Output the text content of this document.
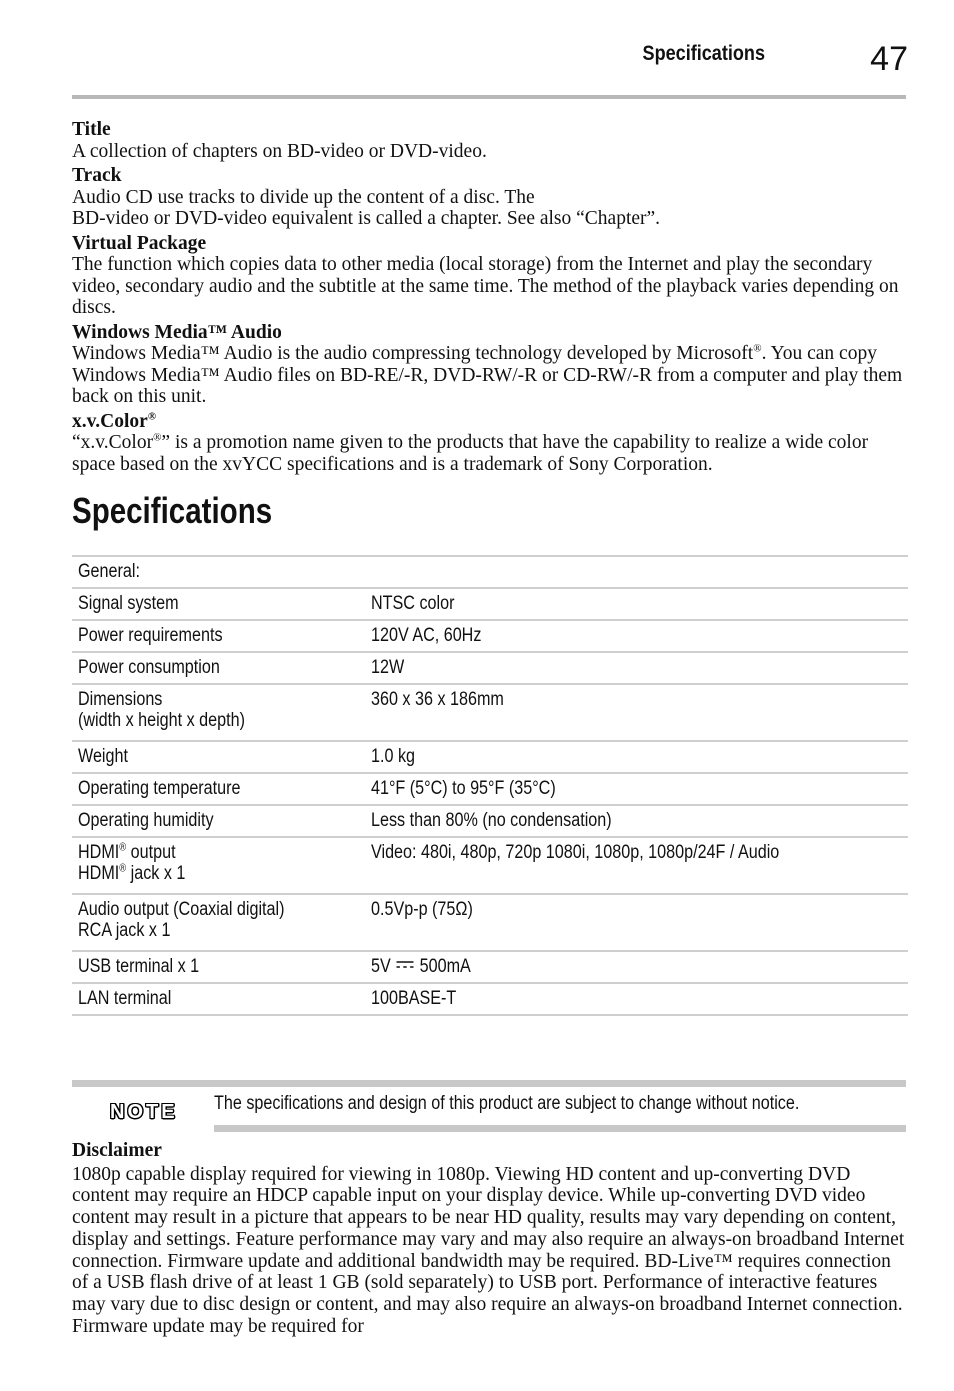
Specifications	47
Title

A collection of chapters on BD-video or DVD-video.

Track

Audio CD use tracks to divide up the content of a disc. The

BD-video or DVD-video equivalent is called a chapter. See also “Chapter”.

Virtual Package

The function which copies data to other media (local storage) from the Internet and play the secondary video, secondary audio and the subtitle at the same time. The method of the playback varies depending on discs.

Windows Media™ Audio

Windows Media™ Audio is the audio compressing technology developed by Microsoft®. You can copy Windows Media™ Audio files on BD-RE/-R, DVD-RW/-R or CD-RW/-R from a computer and play them back on this unit.

x.v.Color®

“x.v.Color®” is a promotion name given to the products that have the capability to realize a wide color space based on the xvYCC specifications and is a trademark of Sony Corporation.

Specifications
General:	
Signal system	NTSC color
Power requirements	120V AC, 60Hz
Power consumption	12W
Dimensions
(width x height x depth)	360 x 36 x 186mm
Weight	1.0 kg
Operating temperature	41°F (5°C) to 95°F (35°C)
Operating humidity	Less than 80% (no condensation)
HDMI® output
HDMI® jack x 1	Video: 480i, 480p, 720p 1080i, 1080p, 1080p/24F / Audio
Audio output (Coaxial digital)
RCA jack x 1	0.5Vp-p (75Ω)
USB terminal x 1	5V 500mA
LAN terminal	100BASE-T
NOTE The specifications and design of this product are subject to change without notice.
Disclaimer

1080p capable display required for viewing in 1080p. Viewing HD content and up-converting DVD content may require an HDCP capable input on your display device. While up-converting DVD video content may result in a picture that appears to be near HD quality, results may vary depending on content, display and settings. Feature performance may vary and may also require an always-on broadband Internet connection. Firmware update and additional bandwidth may be required. BD-Live™ requires connection of a USB flash drive of at least 1 GB (sold separately) to USB port. Performance of interactive features may vary due to disc design or content, and may also require an always-on broadband Internet connection. Firmware update may be required for
